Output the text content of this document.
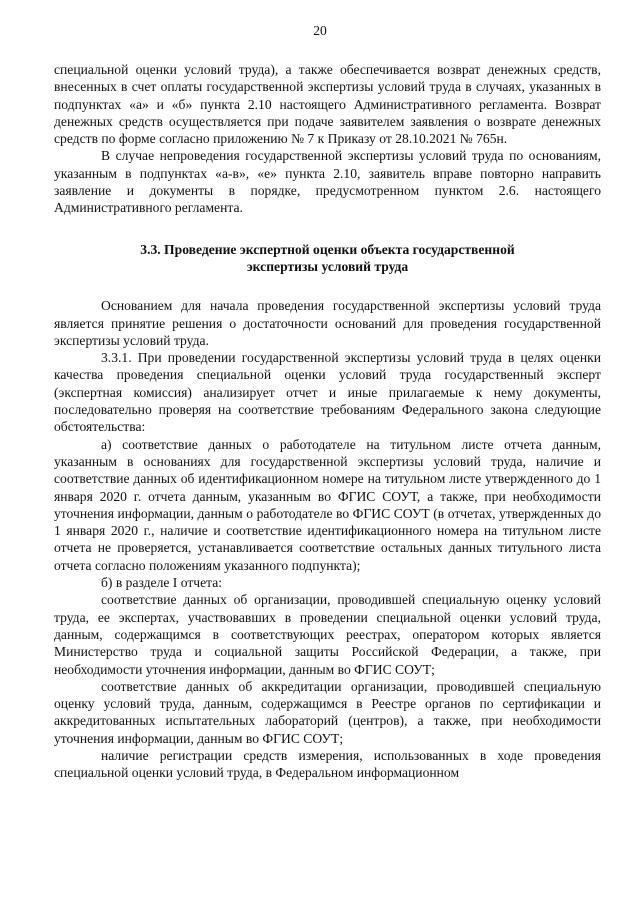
20

специальной оценки условий труда), а также обеспечивается возврат денежных средств, внесенных в счет оплаты государственной экспертизы условий труда в случаях, указанных в подпунктах «а» и «б» пункта 2.10 настоящего Административного регламента. Возврат денежных средств осуществляется при подаче заявителем заявления о возврате денежных средств по форме согласно приложению № 7 к Приказу от 28.10.2021 № 765н.

В случае непроведения государственной экспертизы условий труда по основаниям, указанным в подпунктах «а-в», «е» пункта 2.10, заявитель вправе повторно направить заявление и документы в порядке, предусмотренном пунктом 2.6. настоящего Административного регламента.

3.3. Проведение экспертной оценки объекта государственной
экспертизы условий труда

Основанием для начала проведения государственной экспертизы условий труда является принятие решения о достаточности оснований для проведения государственной экспертизы условий труда.

3.3.1. При проведении государственной экспертизы условий труда в целях оценки качества проведения специальной оценки условий труда государственный эксперт (экспертная комиссия) анализирует отчет и иные прилагаемые к нему документы, последовательно проверяя на соответствие требованиям Федерального закона следующие обстоятельства:

а) соответствие данных о работодателе на титульном листе отчета данным, указанным в основаниях для государственной экспертизы условий труда, наличие и соответствие данных об идентификационном номере на титульном листе утвержденного до 1 января 2020 г. отчета данным, указанным во ФГИС СОУТ, а также, при необходимости уточнения информации, данным о работодателе во ФГИС СОУТ (в отчетах, утвержденных до 1 января 2020 г., наличие и соответствие идентификационного номера на титульном листе отчета не проверяется, устанавливается соответствие остальных данных титульного листа отчета согласно положениям указанного подпункта);

б) в разделе I отчета:

соответствие данных об организации, проводившей специальную оценку условий труда, ее экспертах, участвовавших в проведении специальной оценки условий труда, данным, содержащимся в соответствующих реестрах, оператором которых является Министерство труда и социальной защиты Российской Федерации, а также, при необходимости уточнения информации, данным во ФГИС СОУТ;

соответствие данных об аккредитации организации, проводившей специальную оценку условий труда, данным, содержащимся в Реестре органов по сертификации и аккредитованных испытательных лабораторий (центров), а также, при необходимости уточнения информации, данным во ФГИС СОУТ;

наличие регистрации средств измерения, использованных в ходе проведения специальной оценки условий труда, в Федеральном информационном
